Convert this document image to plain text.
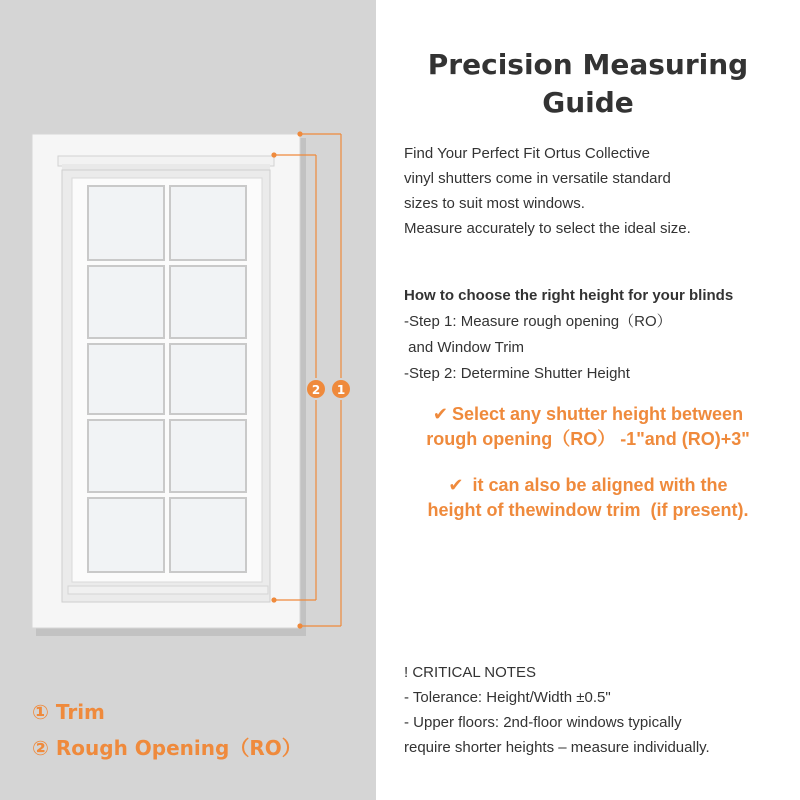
2 1
① Trim
② Rough Opening（RO）
Precision Measuring
Guide
Find Your Perfect Fit Ortus Collective
vinyl shutters come in versatile standard
sizes to suit most windows.
Measure accurately to select the ideal size.
How to choose the right height for your blinds
-Step 1: Measure rough opening（RO）
and Window Trim
-Step 2: Determine Shutter Height
✔ Select any shutter height between
rough opening（RO） -1"and (RO)+3"
✔ it can also be aligned with the
height of thewindow trim  (if present).
! CRITICAL NOTES
- Tolerance: Height/Width ±0.5"
- Upper floors: 2nd-floor windows typically
require shorter heights – measure individually.
